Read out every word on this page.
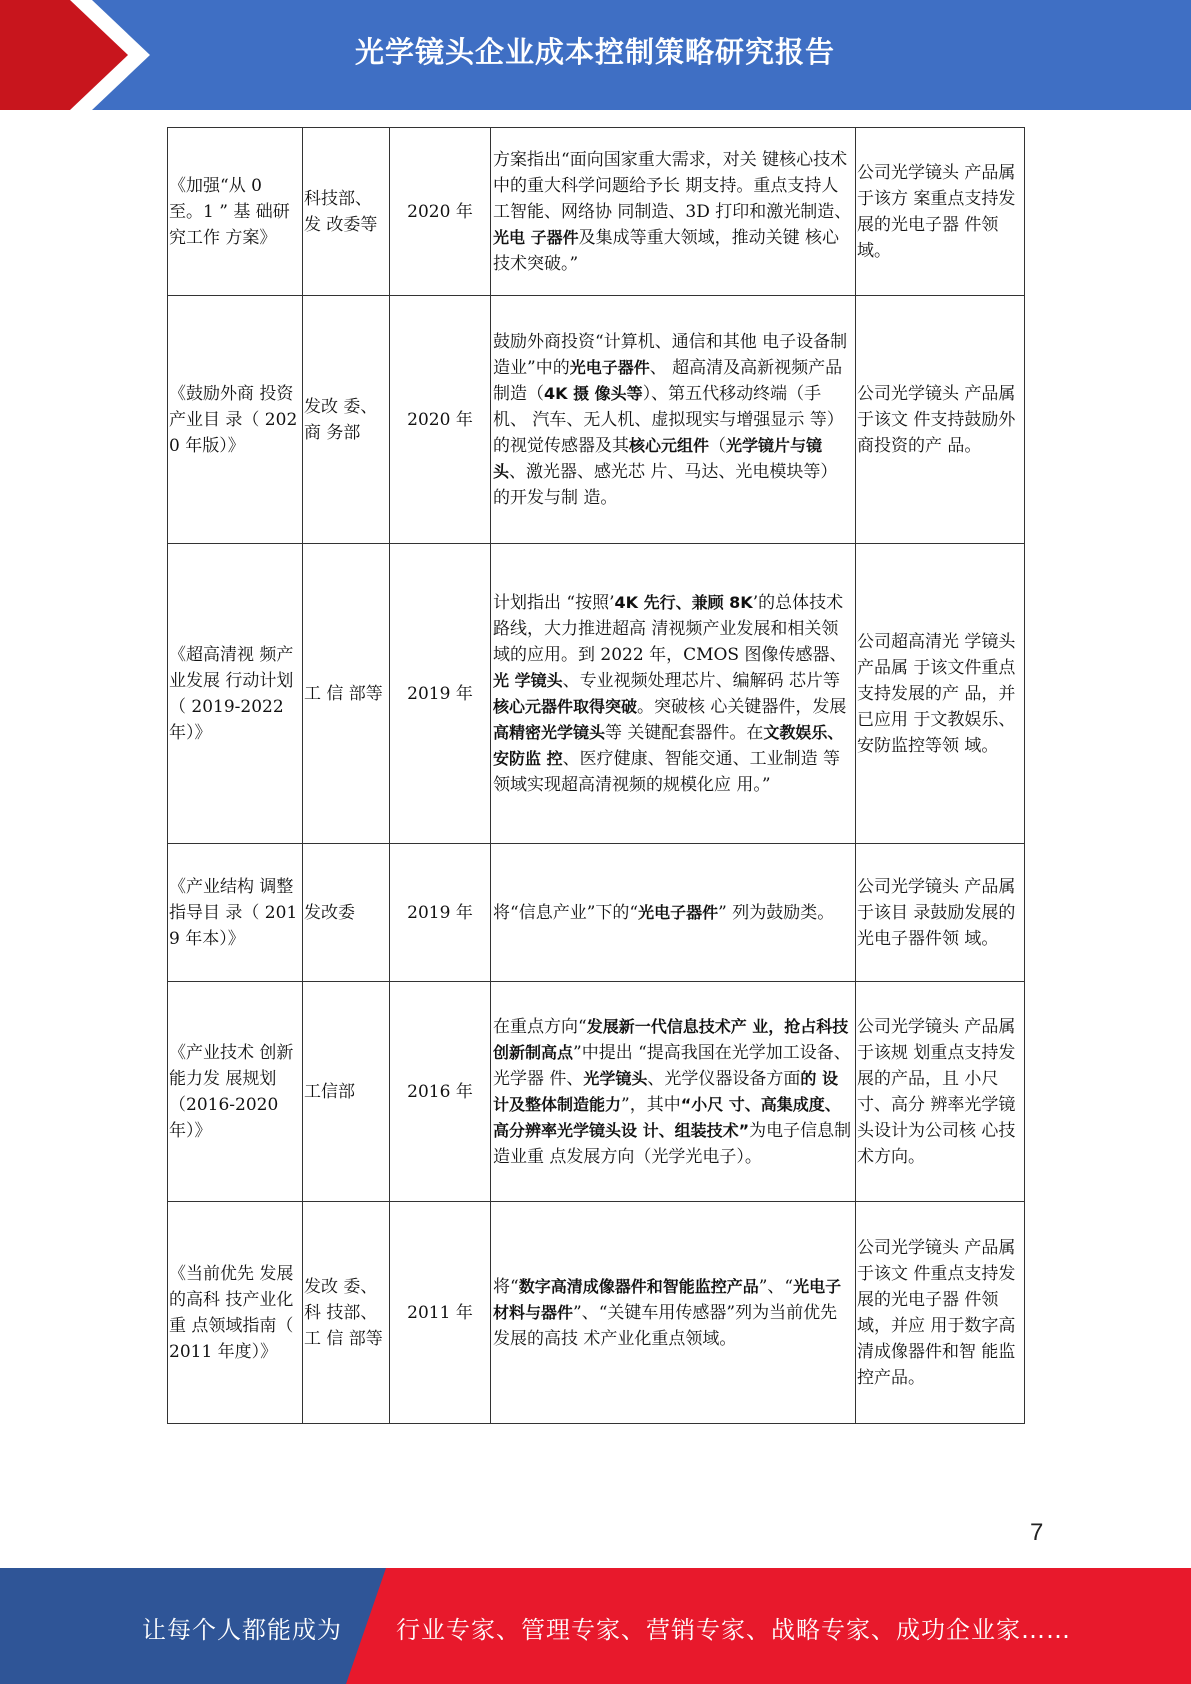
光学镜头企业成本控制策略研究报告
《加强“从 0 至。1 ” 基 础研究工作 方案》	科技部、发 改委等	2020 年	方案指出“面向国家重大需求，对关 键核心技术中的重大科学问题给予长 期支持。重点支持人工智能、网络协 同制造、3D 打印和激光制造、光电 子器件及集成等重大领域，推动关键 核心技术突破。”	公司光学镜头 产品属于该方 案重点支持发 展的光电子器 件领域。
《鼓励外商 投资产业目 录（ 2020 年版）》	发改 委、商 务部	2020 年	鼓励外商投资“计算机、通信和其他 电子设备制造业”中的光电子器件、 超高清及高新视频产品制造（4K 摄 像头等）、第五代移动终端（手机、 汽车、无人机、虚拟现实与增强显示 等）的视觉传感器及其核心元组件（光学镜片与镜头、激光器、感光芯 片、马达、光电模块等）的开发与制 造。	公司光学镜头 产品属于该文 件支持鼓励外 商投资的产 品。
《超高清视 频产业发展 行动计划（ 2019-2022年）》	工 信 部等	2019 年	计划指出 “按照’4K 先行、兼顾 8K’的总体技术路线，大力推进超高 清视频产业发展和相关领域的应用。到 2022 年，CMOS 图像传感器、光 学镜头、专业视频处理芯片、编解码 芯片等核心元器件取得突破。突破核 心关键器件，发展高精密光学镜头等 关键配套器件。在文教娱乐、安防监 控、医疗健康、智能交通、工业制造 等领域实现超高清视频的规模化应 用。”	公司超高清光 学镜头产品属 于该文件重点 支持发展的产 品，并已应用 于文教娱乐、安防监控等领 域。
《产业结构 调整指导目 录（ 2019 年本）》	发改委	2019 年	将“信息产业”下的“光电子器件” 列为鼓励类。	公司光学镜头 产品属于该目 录鼓励发展的 光电子器件领 域。
《产业技术 创新能力发 展规划（2016-2020年）》	工信部	2016 年	在重点方向“发展新一代信息技术产 业，抢占科技创新制高点”中提出 “提高我国在光学加工设备、光学器 件、光学镜头、光学仪器设备方面的 设计及整体制造能力”，其中“小尺 寸、高集成度、高分辨率光学镜头设 计、组装技术”为电子信息制造业重 点发展方向（光学光电子）。	公司光学镜头 产品属于该规 划重点支持发 展的产品，且 小尺寸、高分 辨率光学镜头设计为公司核 心技术方向。
《当前优先 发展的高科 技产业化重 点领域指南（ 2011 年度）》	发改 委、科 技部、工 信 部等	2011 年	将“数字高清成像器件和智能监控产品”、“光电子材料与器件”、“关键车用传感器”列为当前优先发展的高技 术产业化重点领域。	公司光学镜头 产品属于该文 件重点支持发 展的光电子器 件领域，并应 用于数字高清成像器件和智 能监控产品。
7
让每个人都能成为 行业专家、管理专家、营销专家、战略专家、成功企业家……
